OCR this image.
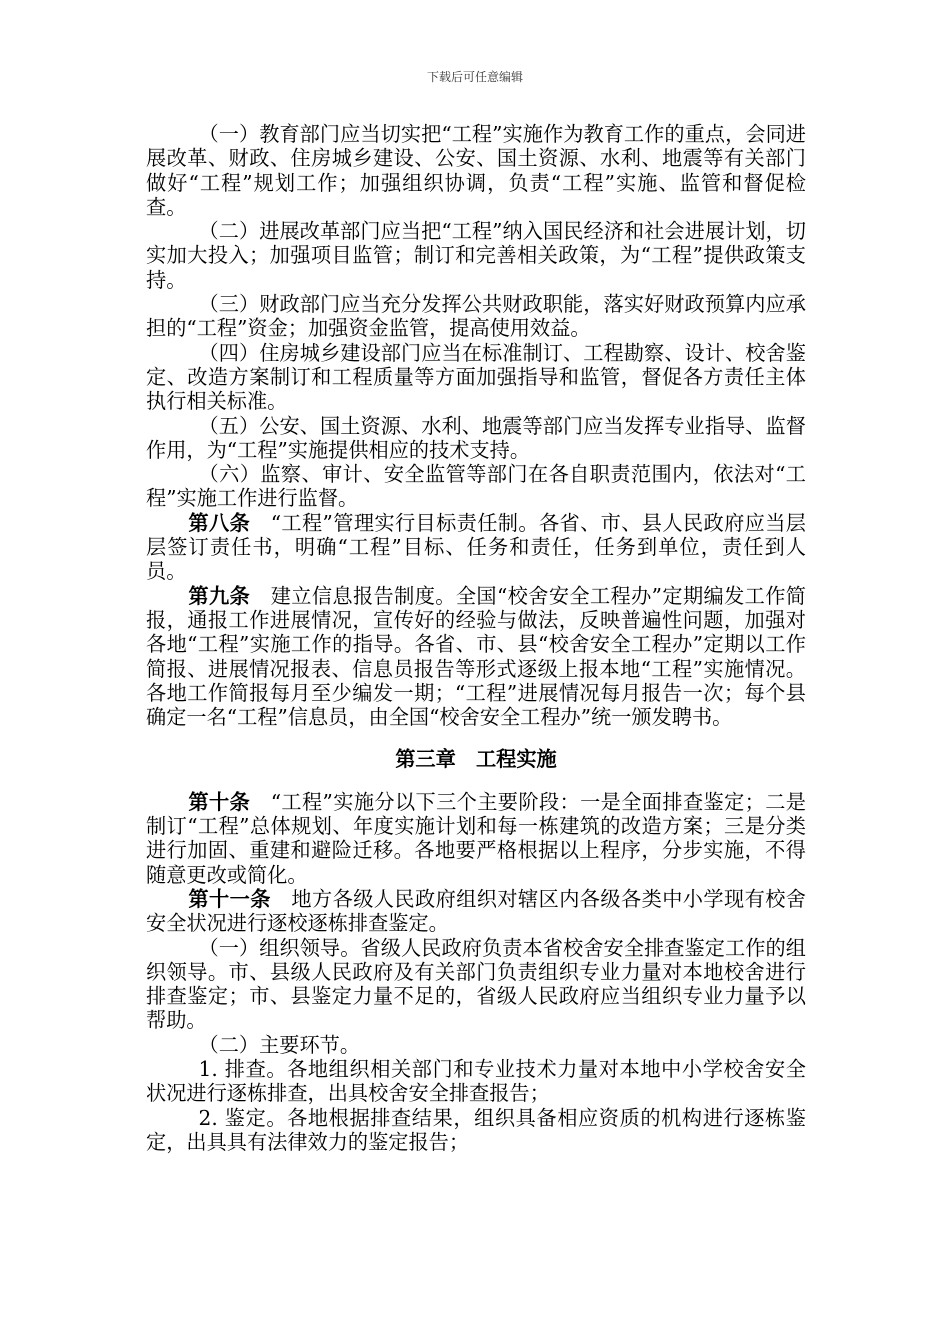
下载后可任意编辑

（一）教育部门应当切实把“工程”实施作为教育工作的重点，会同进展改革、财政、住房城乡建设、公安、国土资源、水利、地震等有关部门做好“工程”规划工作；加强组织协调，负责“工程”实施、监管和督促检查。

（二）进展改革部门应当把“工程”纳入国民经济和社会进展计划，切实加大投入；加强项目监管；制订和完善相关政策，为“工程”提供政策支持。

（三）财政部门应当充分发挥公共财政职能，落实好财政预算内应承担的“工程”资金；加强资金监管，提高使用效益。

（四）住房城乡建设部门应当在标准制订、工程勘察、设计、校舍鉴定、改造方案制订和工程质量等方面加强指导和监管，督促各方责任主体执行相关标准。

（五）公安、国土资源、水利、地震等部门应当发挥专业指导、监督作用，为“工程”实施提供相应的技术支持。

（六）监察、审计、安全监管等部门在各自职责范围内，依法对“工程”实施工作进行监督。

第八条　“工程”管理实行目标责任制。各省、市、县人民政府应当层层签订责任书，明确“工程”目标、任务和责任，任务到单位，责任到人员。

第九条　建立信息报告制度。全国“校舍安全工程办”定期编发工作简报，通报工作进展情况，宣传好的经验与做法，反映普遍性问题，加强对各地“工程”实施工作的指导。各省、市、县“校舍安全工程办”定期以工作简报、进展情况报表、信息员报告等形式逐级上报本地“工程”实施情况。各地工作简报每月至少编发一期；“工程”进展情况每月报告一次；每个县确定一名“工程”信息员，由全国“校舍安全工程办”统一颁发聘书。

第三章　工程实施

第十条　“工程”实施分以下三个主要阶段：一是全面排查鉴定；二是制订“工程”总体规划、年度实施计划和每一栋建筑的改造方案；三是分类进行加固、重建和避险迁移。各地要严格根据以上程序，分步实施，不得随意更改或简化。

第十一条　地方各级人民政府组织对辖区内各级各类中小学现有校舍安全状况进行逐校逐栋排查鉴定。

（一）组织领导。省级人民政府负责本省校舍安全排查鉴定工作的组织领导。市、县级人民政府及有关部门负责组织专业力量对本地校舍进行排查鉴定；市、县鉴定力量不足的，省级人民政府应当组织专业力量予以帮助。

（二）主要环节。

1. 排查。各地组织相关部门和专业技术力量对本地中小学校舍安全状况进行逐栋排查，出具校舍安全排查报告；

2. 鉴定。各地根据排查结果，组织具备相应资质的机构进行逐栋鉴定，出具具有法律效力的鉴定报告；
